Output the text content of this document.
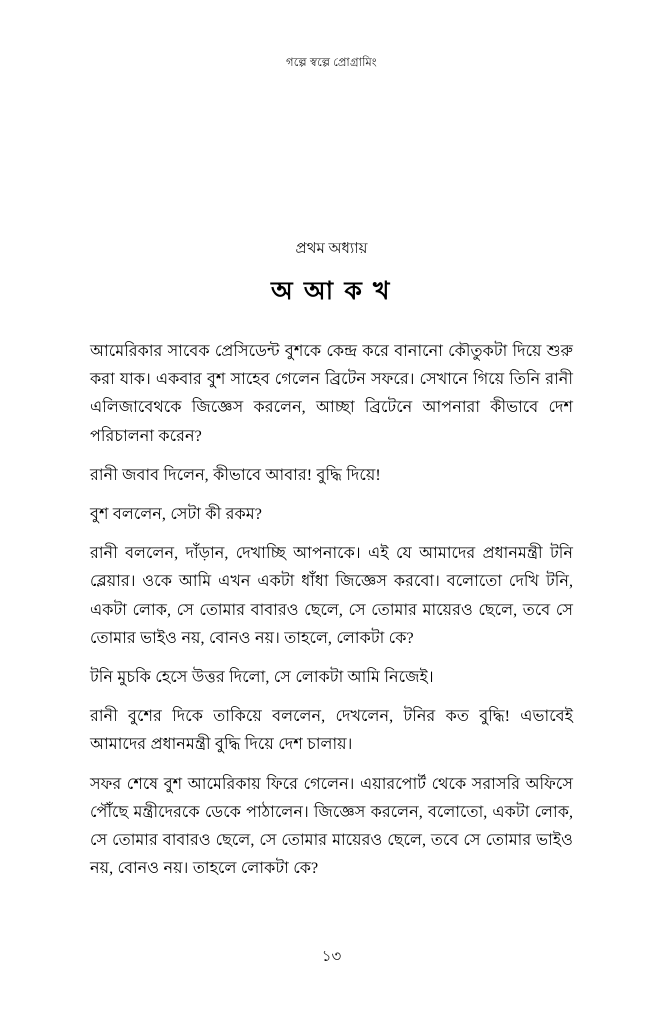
গল্পে স্বল্পে প্রোগ্রামিং
প্রথম অধ্যায়
অ আ ক খ

আমেরিকার সাবেক প্রেসিডেন্ট বুশকে কেন্দ্র করে বানানো কৌতুকটা দিয়ে শুরু করা যাক। একবার বুশ সাহেব গেলেন ব্রিটেন সফরে। সেখানে গিয়ে তিনি রানী এলিজাবেথকে জিজ্ঞেস করলেন, আচ্ছা ব্রিটেনে আপনারা কীভাবে দেশ পরিচালনা করেন?

রানী জবাব দিলেন, কীভাবে আবার! বুদ্ধি দিয়ে!

বুশ বললেন, সেটা কী রকম?

রানী বললেন, দাঁড়ান, দেখাচ্ছি আপনাকে। এই যে আমাদের প্রধানমন্ত্রী টনি ব্লেয়ার। ওকে আমি এখন একটা ধাঁধা জিজ্ঞেস করবো। বলোতো দেখি টনি, একটা লোক, সে তোমার বাবারও ছেলে, সে তোমার মায়েরও ছেলে, তবে সে তোমার ভাইও নয়, বোনও নয়। তাহলে, লোকটা কে?

টনি মুচকি হেসে উত্তর দিলো, সে লোকটা আমি নিজেই।

রানী বুশের দিকে তাকিয়ে বললেন, দেখলেন, টনির কত বুদ্ধি! এভাবেই আমাদের প্রধানমন্ত্রী বুদ্ধি দিয়ে দেশ চালায়।

সফর শেষে বুশ আমেরিকায় ফিরে গেলেন। এয়ারপোর্ট থেকে সরাসরি অফিসে পৌঁছে মন্ত্রীদেরকে ডেকে পাঠালেন। জিজ্ঞেস করলেন, বলোতো, একটা লোক, সে তোমার বাবারও ছেলে, সে তোমার মায়েরও ছেলে, তবে সে তোমার ভাইও নয়, বোনও নয়। তাহলে লোকটা কে?

১৩
